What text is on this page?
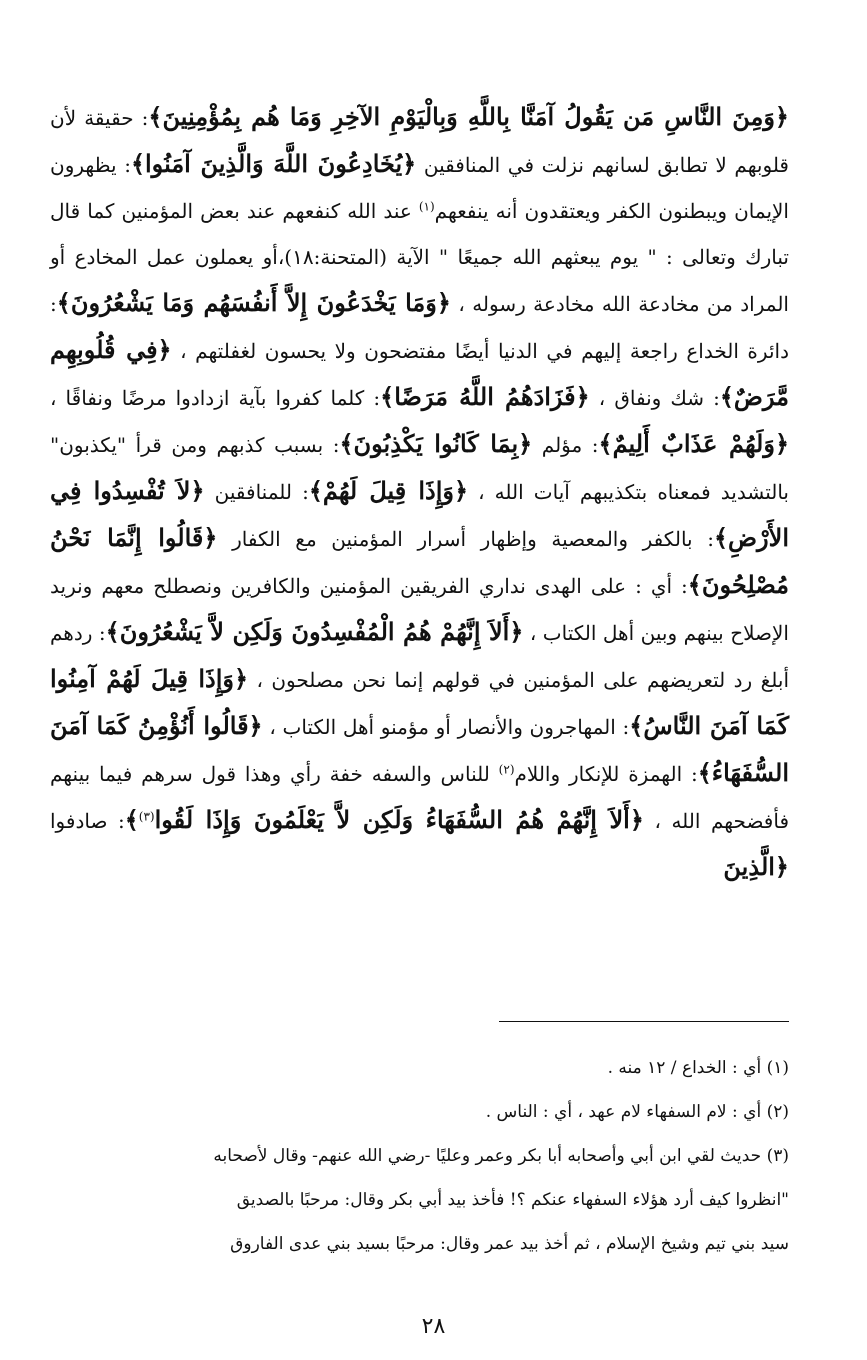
﴿وَمِنَ النَّاسِ مَن يَقُولُ آمَنَّا بِاللَّهِ وَبِالْيَوْمِ الآخِرِ وَمَا هُم بِمُؤْمِنِينَ﴾: حقيقة لأن قلوبهم لا تطابق لسانهم نزلت في المنافقين ﴿يُخَادِعُونَ اللَّهَ وَالَّذِينَ آمَنُوا﴾: يظهرون الإيمان ويبطنون الكفر ويعتقدون أنه ينفعهم$^{(١)}$ عند الله كنفعهم عند بعض المؤمنين كما قال تبارك وتعالى : " يوم يبعثهم الله جميعًا " الآية (المتحنة:١٨)،أو يعملون عمل المخادع أو المراد من مخادعة الله مخادعة رسوله ، ﴿وَمَا يَخْدَعُونَ إِلاَّ أَنفُسَهُم وَمَا يَشْعُرُونَ﴾: دائرة الخداع راجعة إليهم في الدنيا أيضًا مفتضحون ولا يحسون لغفلتهم ، ﴿فِي قُلُوبِهِم مَّرَضٌ﴾: شك ونفاق ، ﴿فَزَادَهُمُ اللَّهُ مَرَضًا﴾: كلما كفروا بآية ازدادوا مرضًا ونفاقًا ، ﴿وَلَهُمْ عَذَابٌ أَلِيمٌ﴾: مؤلم ﴿بِمَا كَانُوا يَكْذِبُونَ﴾: بسبب كذبهم ومن قرأ "يكذبون" بالتشديد فمعناه بتكذيبهم آيات الله ، ﴿وَإِذَا قِيلَ لَهُمْ﴾: للمنافقين ﴿لاَ تُفْسِدُوا فِي الأَرْضِ﴾: بالكفر والمعصية وإظهار أسرار المؤمنين مع الكفار ﴿قَالُوا إِنَّمَا نَحْنُ مُصْلِحُونَ﴾: أي : على الهدى نداري الفريقين المؤمنين والكافرين ونصطلح معهم ونريد الإصلاح بينهم وبين أهل الكتاب ، ﴿أَلاَ إِنَّهُمْ هُمُ الْمُفْسِدُونَ وَلَكِن لاَّ يَشْعُرُونَ﴾: ردهم أبلغ رد لتعريضهم على المؤمنين في قولهم إنما نحن مصلحون ، ﴿وَإِذَا قِيلَ لَهُمْ آمِنُوا كَمَا آمَنَ النَّاسُ﴾: المهاجرون والأنصار أو مؤمنو أهل الكتاب ، ﴿قَالُوا أَنُؤْمِنُ كَمَا آمَنَ السُّفَهَاءُ﴾: الهمزة للإنكار واللام$^{(٢)}$ للناس والسفه خفة رأي وهذا قول سرهم فيما بينهم فأفضحهم الله ، ﴿أَلاَ إِنَّهُمْ هُمُ السُّفَهَاءُ وَلَكِن لاَّ يَعْلَمُونَ وَإِذَا لَقُوا$^{(٣)}$﴾: صادفوا ﴿الَّذِينَ

(١) أي : الخداع / ١٢ منه .
(٢) أي : لام السفهاء لام عهد ، أي : الناس .
(٣) حديث لقي ابن أبي وأصحابه أبا بكر وعمر وعليًا -رضي الله عنهم- وقال لأصحابه
"انظروا كيف أرد هؤلاء السفهاء عنكم ؟! فأخذ بيد أبي بكر وقال: مرحبًا بالصديق
سيد بني تيم وشيخ الإسلام ، ثم أخذ بيد عمر وقال: مرحبًا بسيد بني عدى الفاروق
٢٨
